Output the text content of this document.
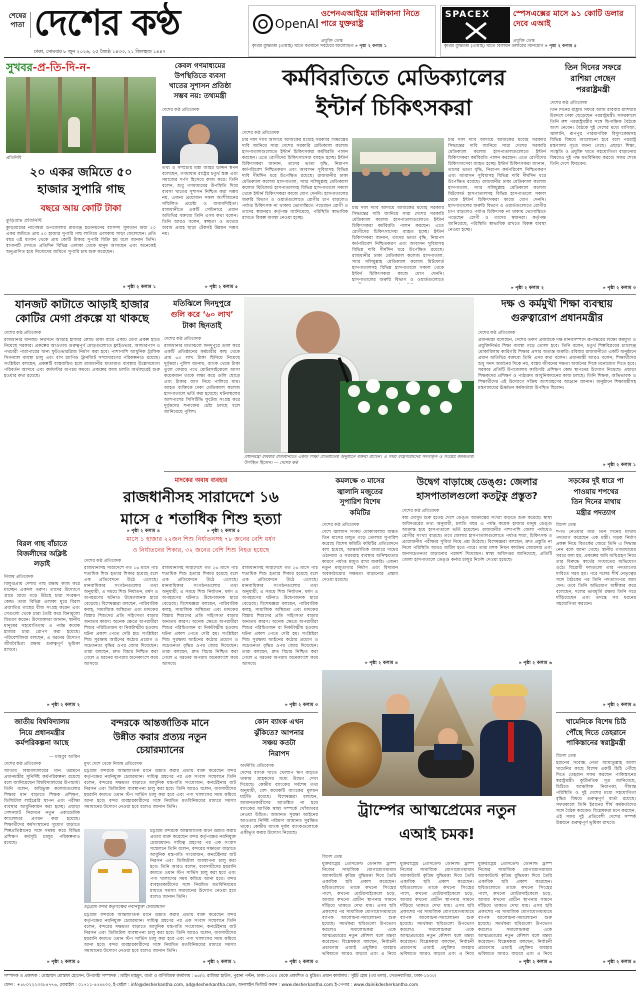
শেষের
পাতা দেশের কণ্ঠ
ঢাকা, সোমবার ৮ জুন ২০২৬, ২৫ জ্যৈষ্ঠ ১৪৩৩, ২১ জিলহজ ১৪৪৭
OpenAI
ওপেনএআইয়ে মালিকানা নিতে পারে যুক্তরাষ্ট্র
প্রযুক্তি ডেস্ক
কৃত্রিম বুদ্ধিমত্তা (এআই) খাতে বর্তমানে সবচেয়ে আলোচিত » পৃষ্ঠা ২ কলাম ১
SPACEX	স্পেসএক্সের মাসে ৯১ কোটি ডলার দেবে এআই
প্রযুক্তি ডেস্ক
কৃত্রিম বুদ্ধিমত্তা (এআই) খাতে বিলিয়ন ডলারের বিনিয়োগ » পৃষ্ঠা ২ কলাম ৫
সুখবর-প্র-তি-দি-ন-
প্রতিনিধি
২০ একর জমিতে ৫০
হাজার সুপারি গাছ
বছরে আয় কোটি টাকা
কুড়িগ্রাম প্রতিনিধি
কুড়িগ্রামের নাগেশ্বরী উপজেলার রায়গঞ্জ ইউনিয়নের বাসিন্দা সুলতান মিয়া ২০ একর জমিতে প্রায় ৫০ হাজার সুপারি গাছ লাগিয়ে এলাকায় সাড়া ফেলেছেন। প্রতি বছর এই বাগান থেকে প্রায় কোটি টাকার সুপারি বিক্রি হয় বলে জানান তিনি। বাগানটি দেখতে প্রতিদিন বিভিন্ন এলাকা থেকে মানুষ আসছেন এবং অনেকেই অনুপ্রাণিত হয়ে নিজেদের জমিতে সুপারি চাষ শুরু করেছেন।
» পৃষ্ঠা ২ কলাম ১
কেবল গণমাধ্যমের
উপস্থিতিতে ব্যবসা
খাতের সুশাসন প্রতিষ্ঠা
সম্ভব নয়: তথ্যমন্ত্রী
দেশের কণ্ঠ প্রতিবেদক
তথ্য ও সম্প্রচার মন্ত্রী জহির উদ্দিন স্বপন বলেছেন, গণমাধ্যম রাষ্ট্রের চতুর্থ স্তম্ভ এবং সমাজের দর্পণ হিসেবে কাজ করে। তিনি বলেন, শুধু গণমাধ্যমের উপস্থিতি দিয়ে ব্যবসা খাতের সুশাসন নিশ্চিত করা সম্ভব নয়, এজন্য প্রয়োজন সকল অংশীজনের সম্মিলিত প্রচেষ্টা ও জবাবদিহিতা। রাজধানীতে একটি সেমিনারে প্রধান অতিথির বক্তব্যে তিনি এসব কথা বলেন। তিনি আরও বলেন, স্বচ্ছতা ও তথ্যের অবাধ প্রবাহ ছাড়া টেকসই উন্নয়ন সম্ভব নয়।
» পৃষ্ঠা ২ কলাম ৫
কর্মবিরতিতে মেডিক্যালের
ইন্টার্ন চিকিৎসকরা
দেশের কণ্ঠ প্রতিবেদক
চার দফা দাবি আদায়ে আজকের মধ্যেই সরকারি সিদ্ধান্তের দাবি জানিয়ে সারা দেশের সরকারি মেডিক্যাল কলেজ হাসপাতালগুলোতে ইন্টার্ন চিকিৎসকরা কর্মবিরতি পালন করছেন। এতে রোগীদের চিকিৎসাসেবা ব্যাহত হচ্ছে। ইন্টার্ন চিকিৎসকরা জানান, তাদের ভাতা বৃদ্ধি, নিরাপদ কর্মপরিবেশ নিশ্চিতকরণ এবং আবাসন সুবিধাসহ বিভিন্ন দাবি দীর্ঘদিন ধরে উপেক্ষিত রয়েছে। রাজধানীর ঢাকা মেডিক্যাল কলেজ হাসপাতাল, স্যার সলিমুল্লাহ মেডিক্যাল কলেজ মিটফোর্ড হাসপাতালসহ বিভিন্ন হাসপাতালে সকাল থেকে ইন্টার্ন চিকিৎসকরা কাজে যোগ দেননি। হাসপাতালের জরুরি বিভাগ ও ওয়ার্ডগুলোতে রোগীর চাপ বাড়লেও পর্যাপ্ত চিকিৎসক না থাকায় ভোগান্তিতে পড়েছেন রোগী ও তাদের স্বজনরা। কর্তৃপক্ষ জানিয়েছে, পরিস্থিতি স্বাভাবিক রাখতে বিকল্প ব্যবস্থা নেওয়া হচ্ছে।
চার দফা দাবি আদায়ে আজকের মধ্যেই সরকারি সিদ্ধান্তের দাবি জানিয়ে সারা দেশের সরকারি মেডিক্যাল কলেজ হাসপাতালগুলোতে ইন্টার্ন চিকিৎসকরা কর্মবিরতি পালন করছেন। এতে রোগীদের চিকিৎসাসেবা ব্যাহত হচ্ছে। ইন্টার্ন চিকিৎসকরা জানান, তাদের ভাতা বৃদ্ধি, নিরাপদ কর্মপরিবেশ নিশ্চিতকরণ এবং আবাসন সুবিধাসহ বিভিন্ন দাবি দীর্ঘদিন ধরে উপেক্ষিত রয়েছে। রাজধানীর ঢাকা মেডিক্যাল কলেজ হাসপাতাল, স্যার সলিমুল্লাহ মেডিক্যাল কলেজ মিটফোর্ড হাসপাতালসহ বিভিন্ন হাসপাতালে সকাল থেকে ইন্টার্ন চিকিৎসকরা কাজে যোগ দেননি। হাসপাতালের জরুরি বিভাগ ও ওয়ার্ডগুলোতে
চার দফা দাবি আদায়ে আজকের মধ্যেই সরকারি সিদ্ধান্তের দাবি জানিয়ে সারা দেশের সরকারি মেডিক্যাল কলেজ হাসপাতালগুলোতে ইন্টার্ন চিকিৎসকরা কর্মবিরতি পালন করছেন। এতে রোগীদের চিকিৎসাসেবা ব্যাহত হচ্ছে। ইন্টার্ন চিকিৎসকরা জানান, তাদের ভাতা বৃদ্ধি, নিরাপদ কর্মপরিবেশ নিশ্চিতকরণ এবং আবাসন সুবিধাসহ বিভিন্ন দাবি দীর্ঘদিন ধরে উপেক্ষিত রয়েছে। রাজধানীর ঢাকা মেডিক্যাল কলেজ হাসপাতাল, স্যার সলিমুল্লাহ মেডিক্যাল কলেজ মিটফোর্ড হাসপাতালসহ বিভিন্ন হাসপাতালে সকাল থেকে ইন্টার্ন চিকিৎসকরা কাজে যোগ দেননি। হাসপাতালের জরুরি বিভাগ ও ওয়ার্ডগুলোতে রোগীর চাপ বাড়লেও পর্যাপ্ত চিকিৎসক না থাকায় ভোগান্তিতে পড়েছেন রোগী ও তাদের স্বজনরা। কর্তৃপক্ষ জানিয়েছে, পরিস্থিতি স্বাভাবিক রাখতে বিকল্প ব্যবস্থা নেওয়া হচ্ছে।
» পৃষ্ঠা ২ কলাম ২
তিন দিনের সফরে
রাশিয়া গেছেন
পররাষ্ট্রমন্ত্রী
দেশের কণ্ঠ প্রতিবেদক
তিন দিনের রাষ্ট্রীয় সফরে আজ রবিবার রাশিয়ার উদ্দেশে ঢাকা ছেড়েছেন পররাষ্ট্রমন্ত্রী। সফরকালে তিনি রুশ পররাষ্ট্রমন্ত্রীর সঙ্গে দ্বিপাক্ষিক বৈঠকে অংশ নেবেন। বৈঠকে দুই দেশের মধ্যে বাণিজ্য, জ্বালানি, রূপপুর পারমাণবিক বিদ্যুৎকেন্দ্রসহ বিভিন্ন বিষয়ে আলোচনা হবে বলে পররাষ্ট্র মন্ত্রণালয় সূত্রে জানা গেছে। এছাড়া শিক্ষা, সংস্কৃতি ও প্রযুক্তি খাতে সহযোগিতা বাড়ানোর বিষয়েও দুই পক্ষ মতবিনিময় করবে। সফর শেষে তিনি দেশে ফিরবেন।
» পৃষ্ঠা ২ কলাম ৩
যানজট কাটাতে আড়াই হাজার
কোটির মেগা প্রকল্পে যা থাকছে
দেশের কণ্ঠ প্রতিবেদক
রাজধানীর যানজট নিরসনে আড়াই হাজার কোটি টাকা ব্যয়ে একটি মেগা প্রকল্প হাতে নিয়েছে সরকার। প্রকল্পের আওতায় গুরুত্বপূর্ণ মোড়গুলোতে ফ্লাইওভার, আন্ডারপাস ও পথচারী পারাপারের জন্য ফুটওভারব্রিজ নির্মাণ করা হবে। পাশাপাশি আধুনিক ট্রাফিক সিগন্যাল ব্যবস্থা চালু এবং বাস র‍্যাপিড ট্রানজিট সম্প্রসারণের পরিকল্পনাও রয়েছে। সংশ্লিষ্টরা বলছেন, প্রকল্পটি বাস্তবায়িত হলে রাজধানীর যাতায়াত ব্যবস্থায় উল্লেখযোগ্য পরিবর্তন আসবে এবং কর্মঘণ্টার অপচয় কমবে। প্রকল্পের কাজ চলতি অর্থবছরেই শুরু হওয়ার কথা রয়েছে।
» পৃষ্ঠা ২ কলাম ৪
মতিঝিলে দিনদুপুরে
গুলি করে ‘৬০ লাখ’
টাকা ছিনতাই
দেশের কণ্ঠ প্রতিবেদক
রাজধানীর মতিঝিলে দিনদুপুরে গুলি করে একটি প্রতিষ্ঠানের কর্মচারীর কাছ থেকে প্রায় ৬০ লাখ টাকা ছিনিয়ে নিয়েছে দুর্বৃত্তরা। পুলিশ জানায়, ব্যাংক থেকে টাকা তুলে ফেরার পথে মোটরসাইকেলে আসা কয়েকজন তাকে লক্ষ্য করে গুলি ছোড়ে এবং টাকার ব্যাগ নিয়ে পালিয়ে যায়। আহত ব্যক্তিকে ঢাকা মেডিক্যাল কলেজ হাসপাতালে ভর্তি করা হয়েছে। ঘটনাস্থলের আশপাশের সিসিটিভি ফুটেজ সংগ্রহ করে দুর্বৃত্তদের শনাক্তের চেষ্টা চলছে বলে জানিয়েছে পুলিশ।
» পৃষ্ঠা ২ কলাম ৫
প্রধানমন্ত্রী রবিবার রাজধানীতে একটি শিক্ষা প্রতিষ্ঠানের অনুষ্ঠানে বক্তব্য রাখেন। এ সময় মন্ত্রিপরিষদের সদস্যবৃন্দ ও সংশ্লিষ্ট কর্মকর্তারা উপস্থিত ছিলেন। — দেশের কণ্ঠ
দক্ষ ও কর্মমুখী শিক্ষা ব্যবস্থায়
গুরুত্বারোপ প্রধানমন্ত্রীর
দেশের কণ্ঠ প্রতিবেদক
প্রধানমন্ত্রী বলেছেন, দেশের তরুণ প্রজন্মকে দক্ষ মানবসম্পদে রূপান্তরের লক্ষ্যে কর্মমুখী ও প্রযুক্তিনির্ভর শিক্ষা ব্যবস্থা গড়ে তোলা হবে। তিনি বলেন, চতুর্থ শিল্পবিপ্লবের চ্যালেঞ্জ মোকাবিলায় কারিগরি শিক্ষার প্রসার অত্যন্ত জরুরি। রবিবার রাজধানীতে একটি অনুষ্ঠানে প্রধান অতিথির বক্তব্যে তিনি এসব কথা বলেন। প্রধানমন্ত্রী আরও বলেন, শিক্ষার্থীদের শুধু সনদ অর্জনের দিকে নয়, বাস্তব জীবনের দক্ষতা অর্জনের দিকে মনোযোগ দিতে হবে। সরকার প্রতিটি উপজেলায় কারিগরি প্রশিক্ষণ কেন্দ্র স্থাপনের উদ্যোগ নিয়েছে। এছাড়া শিক্ষকদের প্রশিক্ষণ ও পাঠ্যক্রম আধুনিকায়নের কাজ চলছে। তিনি শিক্ষক, অভিভাবক ও শিক্ষার্থীদের এই উদ্যোগে সক্রিয় অংশগ্রহণের আহ্বান জানান। অনুষ্ঠানে শিক্ষামন্ত্রীসহ মন্ত্রণালয়ের ঊর্ধ্বতন কর্মকর্তারা উপস্থিত ছিলেন।
» পৃষ্ঠা ২ কলাম ১
বিরল গাছ বাঁচাতে
বিজলীদের অক্লিষ্ট
লড়াই
নিজস্ব প্রতিবেদক
বিলুপ্তপ্রায় দেশীয় গাছ রক্ষায় কাজ করে যাচ্ছেন একদল তরুণ। তাদের উদ্যোগে গ্রামে গ্রামে গড়ে উঠছে চারা সংরক্ষণ কেন্দ্র। তারা বিভিন্ন এলাকা ঘুরে বিরল প্রজাতির গাছের বীজ সংগ্রহ করেন এবং সেগুলো থেকে চারা তৈরি করে বিনামূল্যে বিতরণ করেন। উদ্যোক্তারা জানান, স্থানীয় মানুষের সহযোগিতায় এ পর্যন্ত কয়েক হাজার চারা রোপণ করা হয়েছে। পরিবেশবিদরা বলছেন, এ ধরনের উদ্যোগ জীববৈচিত্র্য রক্ষায় গুরুত্বপূর্ণ ভূমিকা রাখবে।
» পৃষ্ঠা ২ কলাম ২
মাদকের অবাধ ব্যবহার
রাজধানীসহ সারাদেশে ১৬
মাসে ৫ শতাধিক শিশু হত্যা
মাসে ১ হাজার ২২জন শিশু নির্যাতনসহ ৭৮ জনের বেশি ধর্ষণ
ও নির্যাতনের শিকার, ৩২ জনের বেশি শিশু নিহত হয়েছে
দেশের কণ্ঠ প্রতিবেদক
রাজধানীসহ সারাদেশে গত ১৬ মাসে পাঁচ শতাধিক শিশু হত্যার শিকার হয়েছে বলে এক প্রতিবেদনে উঠে এসেছে। মানবাধিকার সংগঠনগুলোর তথ্য অনুযায়ী, এ সময়ে শিশু নির্যাতন, ধর্ষণ ও অপহরণের ঘটনাও উদ্বেগজনক হারে বেড়েছে। বিশেষজ্ঞরা বলছেন, পারিবারিক কলহ, সামাজিক অস্থিরতা এবং মাদকের বিস্তার শিশুদের প্রতি সহিংসতা বাড়ার অন্যতম কারণ। অনেক ক্ষেত্রে অপরাধীরা শিশুর পরিচিতজন বা নিকটাত্মীয় হওয়ায় ঘটনা প্রকাশ পেতে দেরি হয়। সংশ্লিষ্টরা শিশু সুরক্ষায় আইনের কঠোর প্রয়োগ ও সচেতনতা বৃদ্ধির ওপর জোর দিয়েছেন। তারা বলছেন, দ্রুত বিচার নিশ্চিত করা গেলে এ ধরনের অপরাধ অনেকাংশে কমে আসবে।
রাজধানীসহ সারাদেশে গত ১৬ মাসে পাঁচ শতাধিক শিশু হত্যার শিকার হয়েছে বলে এক প্রতিবেদনে উঠে এসেছে। মানবাধিকার সংগঠনগুলোর তথ্য অনুযায়ী, এ সময়ে শিশু নির্যাতন, ধর্ষণ ও অপহরণের ঘটনাও উদ্বেগজনক হারে বেড়েছে। বিশেষজ্ঞরা বলছেন, পারিবারিক কলহ, সামাজিক অস্থিরতা এবং মাদকের বিস্তার শিশুদের প্রতি সহিংসতা বাড়ার অন্যতম কারণ। অনেক ক্ষেত্রে অপরাধীরা শিশুর পরিচিতজন বা নিকটাত্মীয় হওয়ায় ঘটনা প্রকাশ পেতে দেরি হয়। সংশ্লিষ্টরা শিশু সুরক্ষায় আইনের কঠোর প্রয়োগ ও সচেতনতা বৃদ্ধির ওপর জোর দিয়েছেন। তারা বলছেন, দ্রুত বিচার নিশ্চিত করা গেলে এ ধরনের অপরাধ অনেকাংশে কমে আসবে।
রাজধানীসহ সারাদেশে গত ১৬ মাসে পাঁচ শতাধিক শিশু হত্যার শিকার হয়েছে বলে এক প্রতিবেদনে উঠে এসেছে। মানবাধিকার সংগঠনগুলোর তথ্য অনুযায়ী, এ সময়ে শিশু নির্যাতন, ধর্ষণ ও অপহরণের ঘটনাও উদ্বেগজনক হারে বেড়েছে। বিশেষজ্ঞরা বলছেন, পারিবারিক কলহ, সামাজিক অস্থিরতা এবং মাদকের বিস্তার শিশুদের প্রতি সহিংসতা বাড়ার অন্যতম কারণ। অনেক ক্ষেত্রে অপরাধীরা শিশুর পরিচিতজন বা নিকটাত্মীয় হওয়ায় ঘটনা প্রকাশ পেতে দেরি হয়। সংশ্লিষ্টরা শিশু সুরক্ষায় আইনের কঠোর প্রয়োগ ও সচেতনতা বৃদ্ধির ওপর জোর দিয়েছেন। তারা বলছেন, দ্রুত বিচার নিশ্চিত করা গেলে এ ধরনের অপরাধ অনেকাংশে কমে আসবে।
» পৃষ্ঠা ২ কলাম ৩
কমলক্ষে ৩ মাসের
জ্বালানি মজুতের
সুপারিশ বিশেষ
কমিটির
দেশের কণ্ঠ প্রতিবেদক
দেশে জ্বালানি সংকট মোকাবিলায় অন্তত তিন মাসের মজুত গড়ে তোলার সুপারিশ করেছে বিশেষ কমিটি। কমিটির প্রতিবেদনে বলা হয়েছে, আন্তর্জাতিক বাজারে দামের ওঠানামা ও সরবরাহ ব্যবস্থার অনিশ্চয়তার কারণে পর্যাপ্ত মজুত রাখা জরুরি। এজন্য নতুন মজুতাগার নির্মাণ এবং বিদ্যমান অবকাঠামোর সক্ষমতা বাড়ানোর প্রস্তাব দেওয়া হয়েছে।
» পৃষ্ঠা ২ কলাম ৪
উদ্বেগ বাড়াচ্ছে ডেঙ্গু: জেলার
হাসপাতালগুলো কতটুকু প্রস্তুত?
দেশের কণ্ঠ প্রতিবেদক
বর্ষা মৌসুম শুরু হতেই দেশে ডেঙ্গু আক্রান্তের সংখ্যা বাড়তে শুরু করেছে। স্বাস্থ্য অধিদপ্তরের তথ্য অনুযায়ী, চলতি বছর এ পর্যন্ত কয়েক হাজার মানুষ ডেঙ্গু আক্রান্ত হয়ে হাসপাতালে ভর্তি হয়েছেন। রাজধানীর পাশাপাশি জেলা পর্যায়েও রোগীর সংখ্যা বাড়ছে। তবে জেলার হাসপাতালগুলোতে পর্যাপ্ত শয্যা, চিকিৎসক ও প্রয়োজনীয় পরীক্ষার সুবিধা নিয়ে প্রশ্ন উঠেছে। বিশেষজ্ঞরা বলছেন, দ্রুত প্রস্তুতি না নিলে পরিস্থিতি আরও জটিল হতে পারে। তারা মশক নিধন কার্যক্রম জোরদার এবং জনসচেতনতা বাড়ানোর পরামর্শ দিয়েছেন। স্বাস্থ্য অধিদপ্তর জানিয়েছে, প্রতিটি জেলা হাসপাতালে ডেঙ্গু কর্নার চালুর নির্দেশ দেওয়া হয়েছে।
» পৃষ্ঠা ২ কলাম ৬
সড়কের দুই ধারে পা
পাওয়ায় শপথের
তিন দিনের মাথায়
মন্ত্রীর পদত্যাগ
বিদেশ ডেস্ক
শপথ নেওয়ার মাত্র তিন দিনের মাথায় পদত্যাগ করেছেন এক মন্ত্রী। সড়ক নির্মাণ প্রকল্প নিয়ে বিতর্কের জেরে তিনি এ সিদ্ধান্ত নেন বলে জানা গেছে। স্থানীয় গণমাধ্যমের খবরে বলা হয়, প্রকল্পের জমি অধিগ্রহণ নিয়ে তার বিরুদ্ধে স্বার্থের সংঘাতের অভিযোগ ওঠে। বিরোধী দলগুলো তার পদত্যাগের দাবিতে সরব হয়। পরে দলের শীর্ষ নেতৃত্বের সঙ্গে বৈঠকের পর তিনি পদত্যাগপত্র জমা দেন। তবে তিনি অভিযোগ অস্বীকার করে বলেছেন, দলের ভাবমূর্তি রক্ষায় তিনি সরে দাঁড়িয়েছেন এবং তদন্তে সব ধরনের সহযোগিতা করবেন।
» পৃষ্ঠা ২ কলাম ৪
জাতীয় বিশ্ববিদ্যালয়
নিয়ে প্রধানমন্ত্রীর
কর্মপরিকল্পনা আছে
— মাহবুব আমিন
দেশের কণ্ঠ প্রতিবেদক
জাতীয় বিশ্ববিদ্যালয়ের মান উন্নয়নে প্রধানমন্ত্রীর সুনির্দিষ্ট কর্মপরিকল্পনা রয়েছে বলে জানিয়েছেন বিশ্ববিদ্যালয়ের উপাচার্য। তিনি বলেন, অধিভুক্ত কলেজগুলোর শিক্ষার মান বাড়াতে শিক্ষক প্রশিক্ষণ, ডিজিটাল লাইব্রেরি স্থাপন এবং পরীক্ষা ব্যবস্থার আধুনিকায়ন করা হচ্ছে। এছাড়া সেশনজট নিরসনে নতুন একাডেমিক ক্যালেন্ডার প্রণয়ন করা হয়েছে। শিক্ষার্থীদের কর্মসংস্থানের সুযোগ বাড়াতে শিল্পপ্রতিষ্ঠানের সঙ্গে সমন্বয় করে বিভিন্ন প্রশিক্ষণ কর্মসূচি চালুর পরিকল্পনাও রয়েছে।
» পৃষ্ঠা ২ কলাম ৫
বন্দরকে আন্তর্জাতিক মানে
উন্নীত করার প্রত্যয় নতুন
চেয়ারম্যানের
মুখ্য দেশে থেকে নিজস্ব প্রতিবেদক
চট্টগ্রাম বন্দরকে আন্তর্জাতিক মানে উন্নীত করার প্রত্যয় ব্যক্ত করেছেন বন্দর কর্তৃপক্ষের নবনিযুক্ত চেয়ারম্যান। দায়িত্ব গ্রহণের পর এক সংবাদ সম্মেলনে তিনি বলেন, বন্দরের সক্ষমতা বাড়াতে আধুনিক যন্ত্রপাতি সংযোজন, কনটেইনার জট নিরসন এবং ডিজিটাল ব্যবস্থাপনা চালু করা হবে। তিনি আরও বলেন, ব্যবসায়ীদের হয়রানি কমাতে ওয়ান স্টপ সার্ভিস চালু করা হবে এবং পণ্য খালাসের সময় কমিয়ে আনা হবে। বন্দর ব্যবহারকারীদের সঙ্গে নিয়মিত মতবিনিময়ের মাধ্যমে সমস্যা সমাধানের উদ্যোগ নেওয়া হবে বলেও জানান তিনি।
চট্টগ্রাম বন্দরকে আন্তর্জাতিক মানে উন্নীত করার প্রত্যয় ব্যক্ত করেছেন বন্দর কর্তৃপক্ষের নবনিযুক্ত চেয়ারম্যান। দায়িত্ব গ্রহণের পর এক সংবাদ সম্মেলনে তিনি বলেন, বন্দরের সক্ষমতা বাড়াতে আধুনিক যন্ত্রপাতি সংযোজন, কনটেইনার জট নিরসন এবং ডিজিটাল ব্যবস্থাপনা চালু করা হবে। তিনি আরও বলেন, ব্যবসায়ীদের হয়রানি কমাতে ওয়ান স্টপ সার্ভিস চালু করা হবে এবং পণ্য খালাসের সময় কমিয়ে আনা হবে। বন্দর ব্যবহারকারীদের সঙ্গে নিয়মিত মতবিনিময়ের মাধ্যমে সমস্যা সমাধানের উদ্যোগ নেওয়া হবে বলেও জানান তিনি।
চট্টগ্রাম বন্দর কর্তৃপক্ষের নবনিযুক্ত চেয়ারম্যান
চট্টগ্রাম বন্দরকে আন্তর্জাতিক মানে উন্নীত করার প্রত্যয় ব্যক্ত করেছেন বন্দর কর্তৃপক্ষের নবনিযুক্ত চেয়ারম্যান। দায়িত্ব গ্রহণের পর এক সংবাদ সম্মেলনে তিনি বলেন, বন্দরের সক্ষমতা বাড়াতে আধুনিক যন্ত্রপাতি সংযোজন, কনটেইনার জট নিরসন এবং ডিজিটাল ব্যবস্থাপনা চালু করা হবে। তিনি আরও বলেন, ব্যবসায়ীদের হয়রানি কমাতে ওয়ান স্টপ সার্ভিস চালু করা হবে এবং পণ্য খালাসের সময় কমিয়ে আনা হবে। বন্দর ব্যবহারকারীদের সঙ্গে নিয়মিত মতবিনিময়ের মাধ্যমে সমস্যা সমাধানের উদ্যোগ নেওয়া হবে বলেও জানান তিনি।
» পৃষ্ঠা ২ কলাম ১
কোন ব্যাংক এখন
ঝুঁকিতে? আপনার
সঞ্চয় কতটা
নিরাপদ
অর্থনীতি প্রতিবেদক
দেশের ব্যাংক খাতে খেলাপি ঋণ বাড়তে থাকায় গ্রাহকদের মধ্যে উদ্বেগ দেখা দিয়েছে। কেন্দ্রীয় ব্যাংকের সর্বশেষ তথ্য অনুযায়ী, বেশ কয়েকটি ব্যাংকের মূলধন ঘাটতি রয়েছে। বিশেষজ্ঞরা বলছেন, আমানতকারীদের আতঙ্কিত না হয়ে ব্যাংকের আর্থিক স্বাস্থ্য সম্পর্কে খোঁজখবর নেওয়া উচিত। আমানত সুরক্ষা আইনের আওতায় নির্দিষ্ট পরিমাণ আমানত সুরক্ষিত থাকে। কেন্দ্রীয় ব্যাংক দুর্বল ব্যাংকগুলোকে একীভূত করার উদ্যোগ নিয়েছে।
» পৃষ্ঠা ২ কলাম ৩
ট্রাম্পের আত্মপ্রেমের নতুন
এআই চমক!
বিদেশ ডেস্ক
যুক্তরাষ্ট্রের প্রেসিডেন্ট ডোনাল্ড ট্রাম্প নিজের সামাজিক যোগাযোগমাধ্যম অ্যাকাউন্টে কৃত্রিম বুদ্ধিমত্তা দিয়ে তৈরি একাধিক ছবি প্রকাশ করেছেন। ছবিগুলোতে তাকে কখনো সিংহের পাশে, কখনো মোটরসাইকেলে চড়ে, আবার কখনো প্রাচীন স্থাপনার সামনে দাঁড়িয়ে থাকতে দেখা যায়। এসব ছবি প্রকাশের পর সামাজিক যোগাযোগমাধ্যমে ব্যাপক আলোচনা-সমালোচনা শুরু হয়েছে। সমর্থকরা ছবিগুলো উপভোগ করলেও সমালোচকরা একে আত্মপ্রচারের নতুন কৌশল বলে মন্তব্য করেছেন। বিশ্লেষকরা বলছেন, নির্বাচনী প্রচারণায় এআই প্রযুক্তির ব্যবহার ভবিষ্যতে আরও বাড়বে এবং এ নিয়ে
যুক্তরাষ্ট্রের প্রেসিডেন্ট ডোনাল্ড ট্রাম্প নিজের সামাজিক যোগাযোগমাধ্যম অ্যাকাউন্টে কৃত্রিম বুদ্ধিমত্তা দিয়ে তৈরি একাধিক ছবি প্রকাশ করেছেন। ছবিগুলোতে তাকে কখনো সিংহের পাশে, কখনো মোটরসাইকেলে চড়ে, আবার কখনো প্রাচীন স্থাপনার সামনে দাঁড়িয়ে থাকতে দেখা যায়। এসব ছবি প্রকাশের পর সামাজিক যোগাযোগমাধ্যমে ব্যাপক আলোচনা-সমালোচনা শুরু হয়েছে। সমর্থকরা ছবিগুলো উপভোগ করলেও সমালোচকরা একে আত্মপ্রচারের নতুন কৌশল বলে মন্তব্য করেছেন। বিশ্লেষকরা বলছেন, নির্বাচনী প্রচারণায় এআই প্রযুক্তির ব্যবহার ভবিষ্যতে আরও বাড়বে এবং এ নিয়ে
যুক্তরাষ্ট্রের প্রেসিডেন্ট ডোনাল্ড ট্রাম্প নিজের সামাজিক যোগাযোগমাধ্যম অ্যাকাউন্টে কৃত্রিম বুদ্ধিমত্তা দিয়ে তৈরি একাধিক ছবি প্রকাশ করেছেন। ছবিগুলোতে তাকে কখনো সিংহের পাশে, কখনো মোটরসাইকেলে চড়ে, আবার কখনো প্রাচীন স্থাপনার সামনে দাঁড়িয়ে থাকতে দেখা যায়। এসব ছবি প্রকাশের পর সামাজিক যোগাযোগমাধ্যমে ব্যাপক আলোচনা-সমালোচনা শুরু হয়েছে। সমর্থকরা ছবিগুলো উপভোগ করলেও সমালোচকরা একে আত্মপ্রচারের নতুন কৌশল বলে মন্তব্য করেছেন। বিশ্লেষকরা বলছেন, নির্বাচনী প্রচারণায় এআই প্রযুক্তির ব্যবহার ভবিষ্যতে আরও বাড়বে এবং এ নিয়ে
» পৃষ্ঠা ২ কলাম ৬
খামেনিকে বিশেষ চিঠি
পৌঁছে দিতে তেহরানে
পাকিস্তানের স্বরাষ্ট্রমন্ত্রী
বিদেশ ডেস্ক
ইরানের সর্বোচ্চ নেতা আয়াতুল্লাহ আলী খামেনির কাছে বিশেষ একটি চিঠি পৌঁছে দিতে তেহরান সফর করছেন পাকিস্তানের স্বরাষ্ট্রমন্ত্রী। কূটনৈতিক সূত্র জানিয়েছে, চিঠিতে আঞ্চলিক নিরাপত্তা, সীমান্ত পরিস্থিতি ও দুই দেশের মধ্যে সহযোগিতা বৃদ্ধির বিষয়ে গুরুত্বপূর্ণ বার্তা রয়েছে। সফরকালে তিনি ইরানের শীর্ষ কর্মকর্তাদের সঙ্গে বৈঠক করবেন। বিশ্লেষকরা মনে করছেন, এই সফর দুই প্রতিবেশী দেশের সম্পর্ক উন্নয়নে গুরুত্বপূর্ণ ভূমিকা রাখবে।
» পৃষ্ঠা ২ কলাম ৪
সম্পাদক ও প্রকাশক : মোহাম্মদ মোস্তফা হোসেন, উপদেষ্টা সম্পাদক : মাহিদ মাহমুদ, বার্তা ও বাণিজ্যিক কার্যালয় : ৬৫/৩, রাজিয়া হাউস, পুরানা পল্টন, ঢাকা-১০০০ থেকে প্রকাশিত ও মুদ্রিত। প্রধান কার্যালয় : সুইট হোম (৩য় তলা), সেগুনবাগিচা, ঢাকা-১০০০।
ফোন : +৮৮০২২২৩৩৮৪৭৭৬, মোবাইল : ০১৭১১-৫৫৪৪৩৩, ই-মেইল : info@desherkantha.com, ad@desherkantha.com, অনলাইন ভিজিট করুন : www.desherkantha.com ই-পেপার : www.dainikdesherkantha.com
